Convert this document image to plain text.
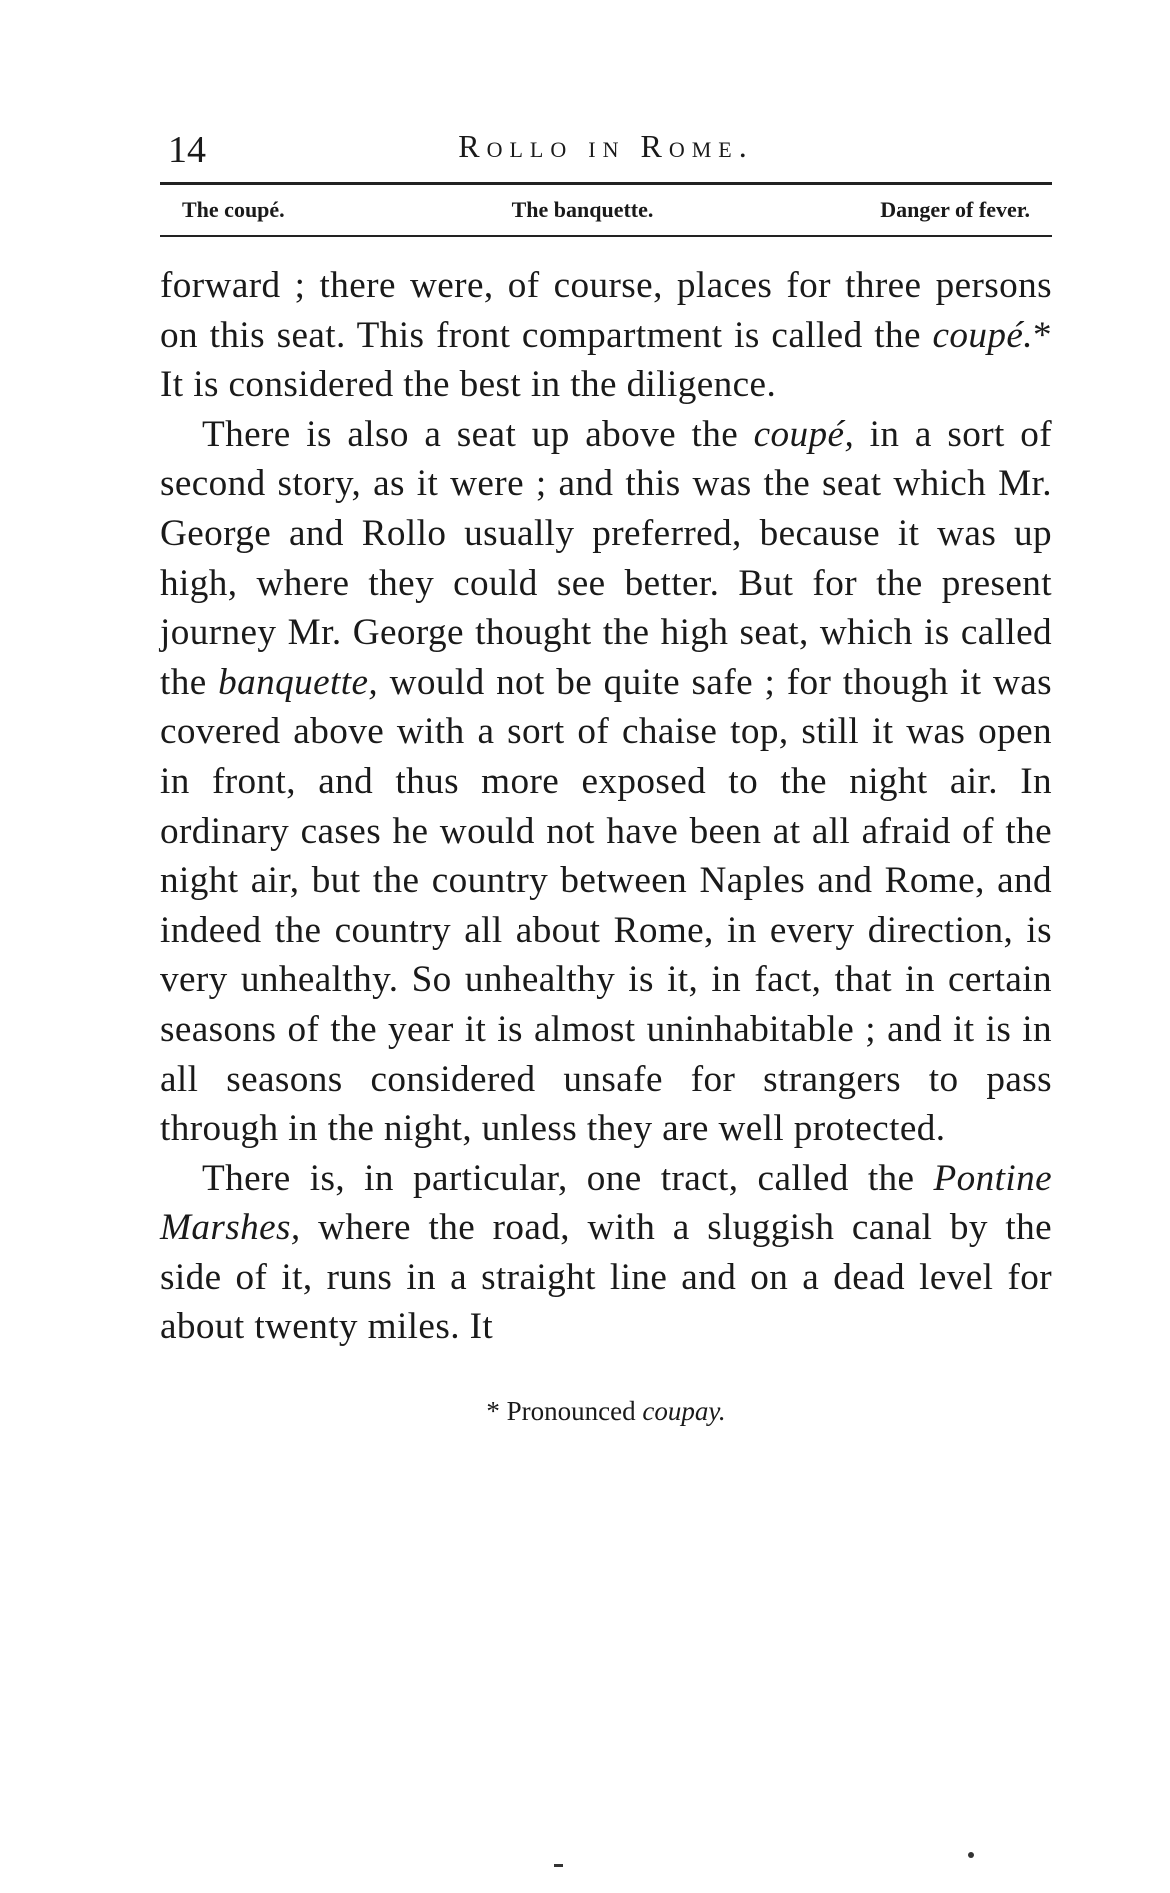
14	Rollo in Rome.
The coupé.	The banquette.	Danger of fever.

forward ; there were, of course, places for three persons on this seat. This front compartment is called the coupé.* It is considered the best in the diligence.

There is also a seat up above the coupé, in a sort of second story, as it were ; and this was the seat which Mr. George and Rollo usually preferred, because it was up high, where they could see better. But for the present journey Mr. George thought the high seat, which is called the banquette, would not be quite safe ; for though it was covered above with a sort of chaise top, still it was open in front, and thus more exposed to the night air. In ordinary cases he would not have been at all afraid of the night air, but the country between Naples and Rome, and indeed the country all about Rome, in every direction, is very unhealthy. So unhealthy is it, in fact, that in certain seasons of the year it is almost uninhabitable ; and it is in all seasons considered unsafe for strangers to pass through in the night, unless they are well protected.

There is, in particular, one tract, called the Pontine Marshes, where the road, with a sluggish canal by the side of it, runs in a straight line and on a dead level for about twenty miles. It

* Pronounced coupay.
